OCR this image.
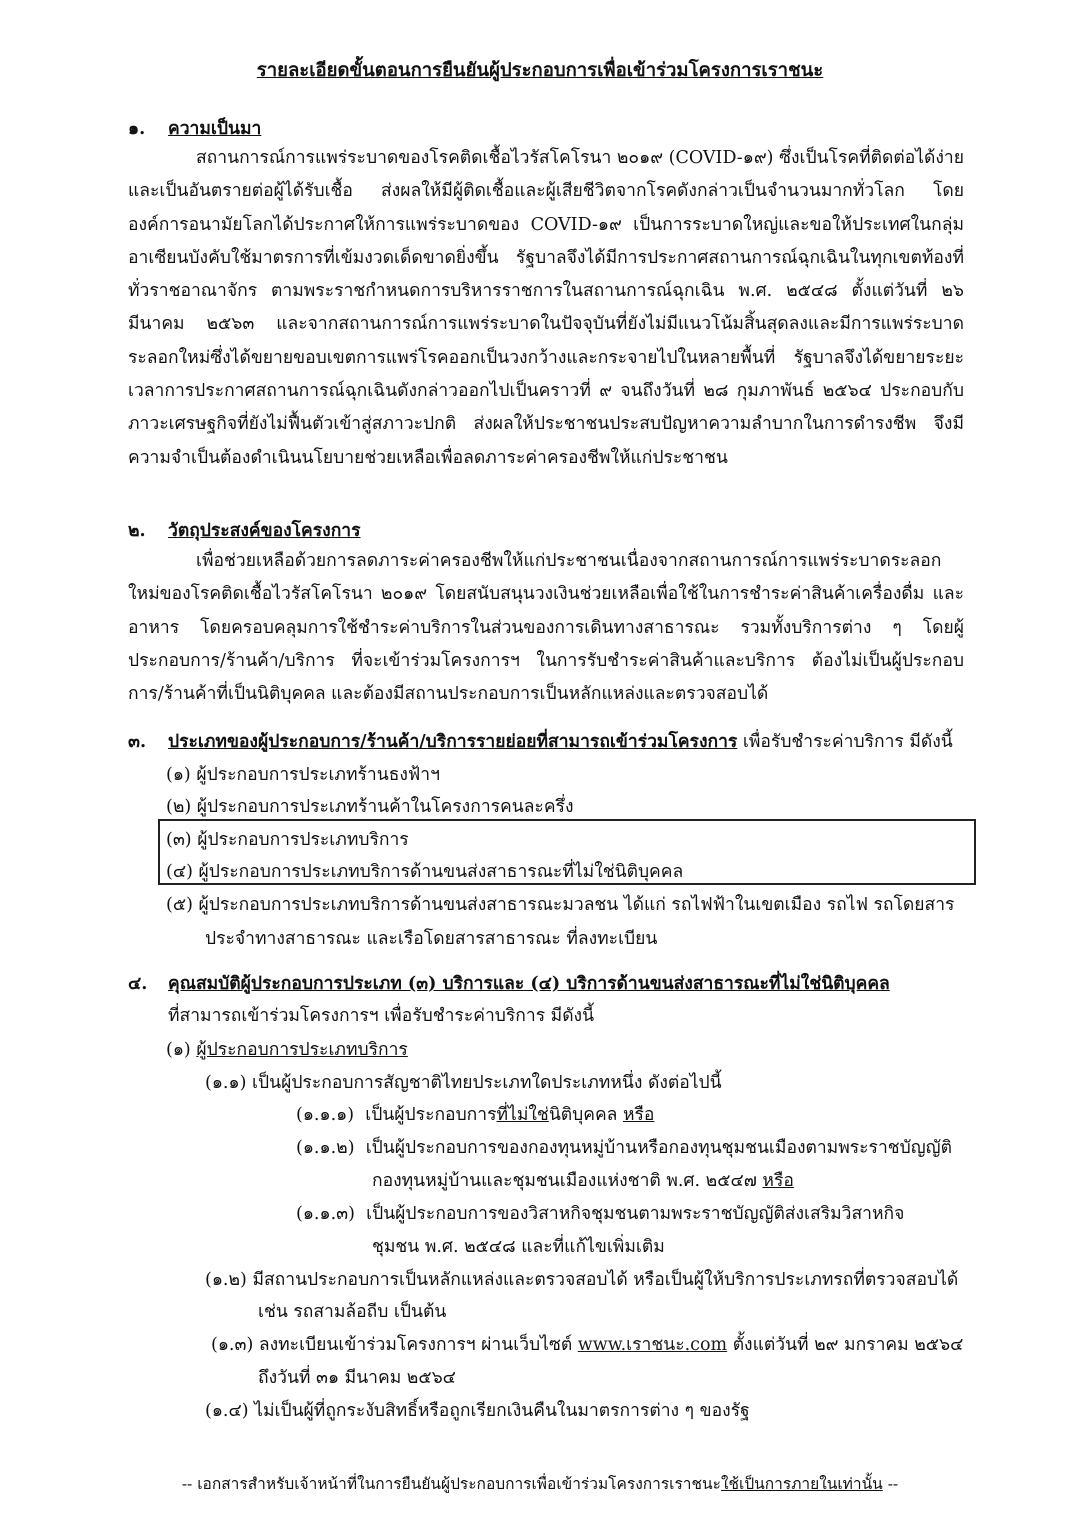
รายละเอียดขั้นตอนการยืนยันผู้ประกอบการเพื่อเข้าร่วมโครงการเราชนะ
๑. ความเป็นมา

สถานการณ์การแพร่ระบาดของโรคติดเชื้อไวรัสโคโรนา ๒๐๑๙ (COVID-๑๙) ซึ่งเป็นโรคที่ติดต่อได้ง่ายและเป็นอันตรายต่อผู้ได้รับเชื้อ ส่งผลให้มีผู้ติดเชื้อและผู้เสียชีวิตจากโรคดังกล่าวเป็นจำนวนมากทั่วโลก โดยองค์การอนามัยโลกได้ประกาศให้การแพร่ระบาดของ COVID-๑๙ เป็นการระบาดใหญ่และขอให้ประเทศในกลุ่มอาเซียนบังคับใช้มาตรการที่เข้มงวดเด็ดขาดยิ่งขึ้น รัฐบาลจึงได้มีการประกาศสถานการณ์ฉุกเฉินในทุกเขตท้องที่ทั่วราชอาณาจักร ตามพระราชกำหนดการบริหารราชการในสถานการณ์ฉุกเฉิน พ.ศ. ๒๕๔๘ ตั้งแต่วันที่ ๒๖ มีนาคม ๒๕๖๓ และจากสถานการณ์การแพร่ระบาดในปัจจุบันที่ยังไม่มีแนวโน้มสิ้นสุดลงและมีการแพร่ระบาดระลอกใหม่ซึ่งได้ขยายขอบเขตการแพร่โรคออกเป็นวงกว้างและกระจายไปในหลายพื้นที่ รัฐบาลจึงได้ขยายระยะเวลาการประกาศสถานการณ์ฉุกเฉินดังกล่าวออกไปเป็นคราวที่ ๙ จนถึงวันที่ ๒๘ กุมภาพันธ์ ๒๕๖๔ ประกอบกับภาวะเศรษฐกิจที่ยังไม่ฟื้นตัวเข้าสู่สภาวะปกติ ส่งผลให้ประชาชนประสบปัญหาความลำบากในการดำรงชีพ จึงมีความจำเป็นต้องดำเนินนโยบายช่วยเหลือเพื่อลดภาระค่าครองชีพให้แก่ประชาชน

๒. วัตถุประสงค์ของโครงการ

เพื่อช่วยเหลือด้วยการลดภาระค่าครองชีพให้แก่ประชาชนเนื่องจากสถานการณ์การแพร่ระบาดระลอกใหม่ของโรคติดเชื้อไวรัสโคโรนา ๒๐๑๙ โดยสนับสนุนวงเงินช่วยเหลือเพื่อใช้ในการชำระค่าสินค้าเครื่องดื่ม และอาหาร โดยครอบคลุมการใช้ชำระค่าบริการในส่วนของการเดินทางสาธารณะ รวมทั้งบริการต่าง ๆ โดยผู้ประกอบการ/ร้านค้า/บริการ ที่จะเข้าร่วมโครงการฯ ในการรับชำระค่าสินค้าและบริการ ต้องไม่เป็นผู้ประกอบการ/ร้านค้าที่เป็นนิติบุคคล และต้องมีสถานประกอบการเป็นหลักแหล่งและตรวจสอบได้

๓. ประเภทของผู้ประกอบการ/ร้านค้า/บริการรายย่อยที่สามารถเข้าร่วมโครงการ เพื่อรับชำระค่าบริการ มีดังนี้
(๑) ผู้ประกอบการประเภทร้านธงฟ้าฯ
(๒) ผู้ประกอบการประเภทร้านค้าในโครงการคนละครึ่ง
(๓) ผู้ประกอบการประเภทบริการ
(๔) ผู้ประกอบการประเภทบริการด้านขนส่งสาธารณะที่ไม่ใช่นิติบุคคล
(๕) ผู้ประกอบการประเภทบริการด้านขนส่งสาธารณะมวลชน ได้แก่ รถไฟฟ้าในเขตเมือง รถไฟ รถโดยสาร
ประจำทางสาธารณะ และเรือโดยสารสาธารณะ ที่ลงทะเบียน
๔. คุณสมบัติผู้ประกอบการประเภท (๓) บริการและ (๔) บริการด้านขนส่งสาธารณะที่ไม่ใช่นิติบุคคล
ที่สามารถเข้าร่วมโครงการฯ เพื่อรับชำระค่าบริการ มีดังนี้
(๑) ผู้ประกอบการประเภทบริการ
(๑.๑) เป็นผู้ประกอบการสัญชาติไทยประเภทใดประเภทหนึ่ง ดังต่อไปนี้
(๑.๑.๑) เป็นผู้ประกอบการที่ไม่ใช่นิติบุคคล หรือ
(๑.๑.๒) เป็นผู้ประกอบการของกองทุนหมู่บ้านหรือกองทุนชุมชนเมืองตามพระราชบัญญัติ
กองทุนหมู่บ้านและชุมชนเมืองแห่งชาติ พ.ศ. ๒๕๔๗ หรือ
(๑.๑.๓) เป็นผู้ประกอบการของวิสาหกิจชุมชนตามพระราชบัญญัติส่งเสริมวิสาหกิจ
ชุมชน พ.ศ. ๒๕๔๘ และที่แก้ไขเพิ่มเติม
(๑.๒) มีสถานประกอบการเป็นหลักแหล่งและตรวจสอบได้ หรือเป็นผู้ให้บริการประเภทรถที่ตรวจสอบได้
เช่น รถสามล้อถีบ เป็นต้น
(๑.๓) ลงทะเบียนเข้าร่วมโครงการฯ ผ่านเว็บไซต์ www.เราชนะ.com ตั้งแต่วันที่ ๒๙ มกราคม ๒๕๖๔
ถึงวันที่ ๓๑ มีนาคม ๒๕๖๔
(๑.๔) ไม่เป็นผู้ที่ถูกระงับสิทธิ์หรือถูกเรียกเงินคืนในมาตรการต่าง ๆ ของรัฐ
-- เอกสารสำหรับเจ้าหน้าที่ในการยืนยันผู้ประกอบการเพื่อเข้าร่วมโครงการเราชนะใช้เป็นการภายในเท่านั้น --
